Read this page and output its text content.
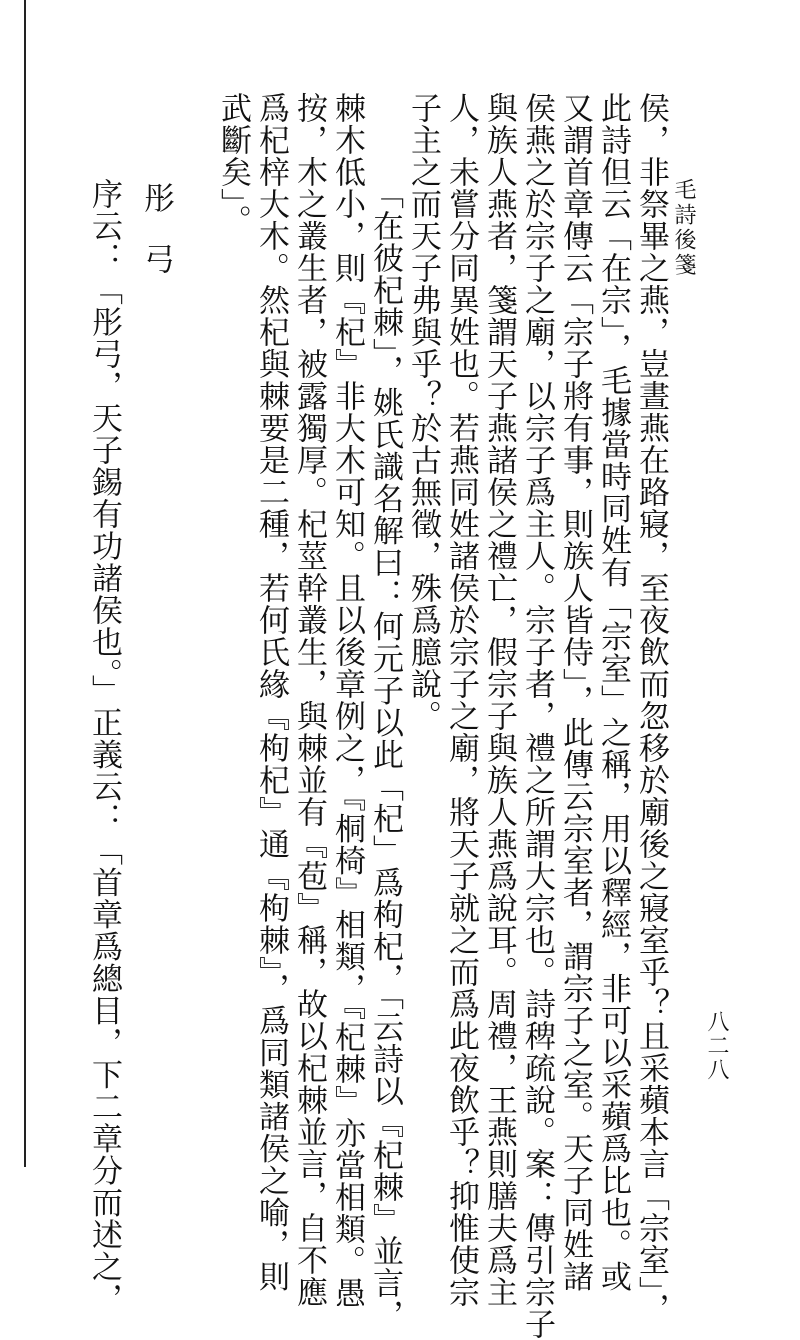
八二八
毛詩後箋
侯，非祭畢之燕，豈晝燕在路寢，至夜飲而忽移於廟後之寢室乎？且采蘋本言「宗室」，
此詩但云「在宗」，毛據當時同姓有「宗室」之稱，用以釋經，非可以采蘋爲比也。或
又謂首章傳云「宗子將有事，則族人皆侍」，此傳云宗室者，謂宗子之室。天子同姓諸
侯燕之於宗子之廟，以宗子爲主人。宗子者，禮之所謂大宗也。詩稗疏說。案：傳引宗子
與族人燕者，箋謂天子燕諸侯之禮亡，假宗子與族人燕爲說耳。周禮，王燕則膳夫爲主
人，未嘗分同異姓也。若燕同姓諸侯於宗子之廟，將天子就之而爲此夜飲乎？抑惟使宗
子主之而天子弗與乎？於古無徵，殊爲臆說。
「在彼杞棘」，姚氏識名解曰：何元子以此「杞」爲枸杞，「云詩以『杞棘』並言，
棘木低小，則『杞』非大木可知。且以後章例之，『桐椅』相類，『杞棘』亦當相類。愚
按，木之叢生者，被露獨厚。杞莖幹叢生，與棘並有『苞』稱，故以杞棘並言，自不應
爲杞梓大木。然杞與棘要是二種，若何氏緣『枸杞』通『枸棘』，爲同類諸侯之喻，則
武斷矣」。
彤弓
序云：「彤弓，天子錫有功諸侯也。」正義云：「首章爲總目，下二章分而述之，
